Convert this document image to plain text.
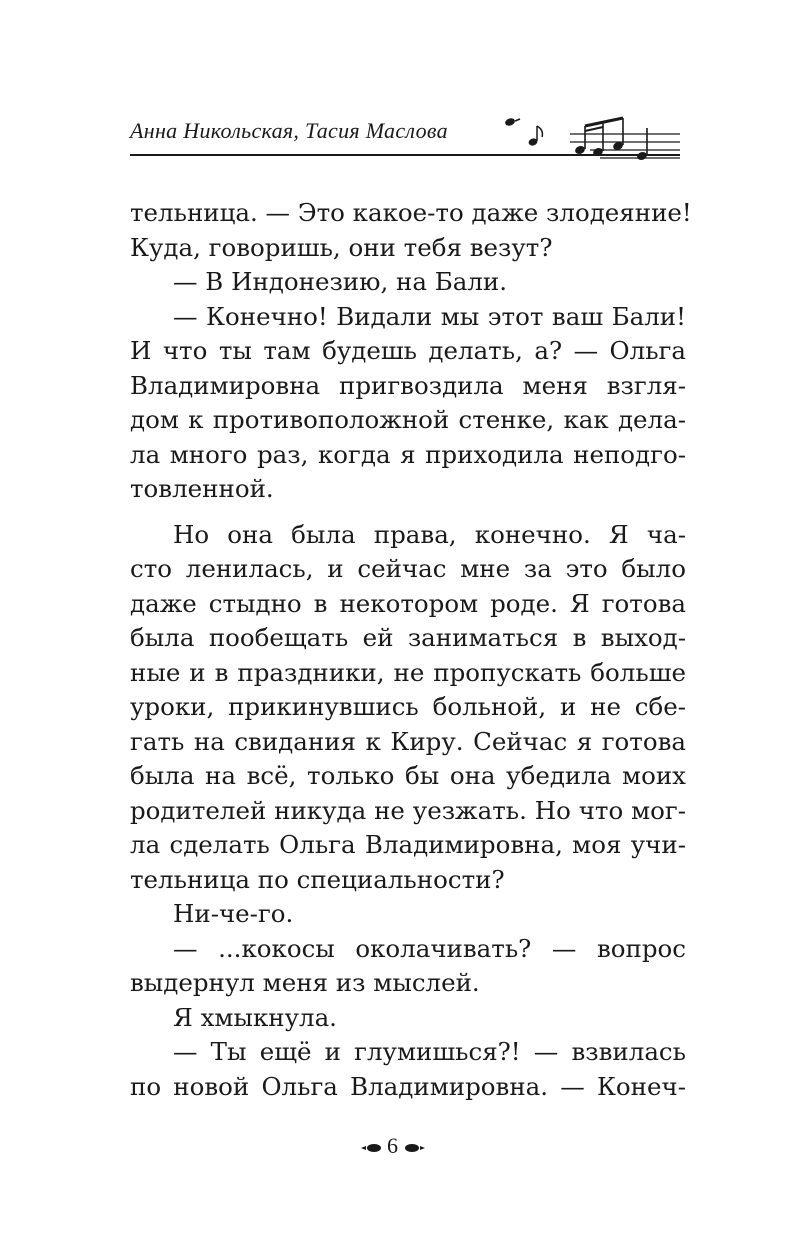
Анна Никольская, Тасия Маслова
тельница. — Это какое-то даже злодеяние!
Куда, говоришь, они тебя везут?
— В Индонезию, на Бали.
— Конечно! Видали мы этот ваш Бали!
И что ты там будешь делать, а? — Ольга
Владимировна пригвоздила меня взгля-
дом к противоположной стенке, как дела-
ла много раз, когда я приходила неподго-
товленной.
Но она была права, конечно. Я ча-
сто ленилась, и сейчас мне за это было
даже стыдно в некотором роде. Я готова
была пообещать ей заниматься в выход-
ные и в праздники, не пропускать больше
уроки, прикинувшись больной, и не сбе-
гать на свидания к Киру. Сейчас я готова
была на всё, только бы она убедила моих
родителей никуда не уезжать. Но что мог-
ла сделать Ольга Владимировна, моя учи-
тельница по специальности?
Ни-че-го.
— ...кокосы околачивать? — вопрос
выдернул меня из мыслей.
Я хмыкнула.
— Ты ещё и глумишься?! — взвилась
по новой Ольга Владимировна. — Конеч-
6
